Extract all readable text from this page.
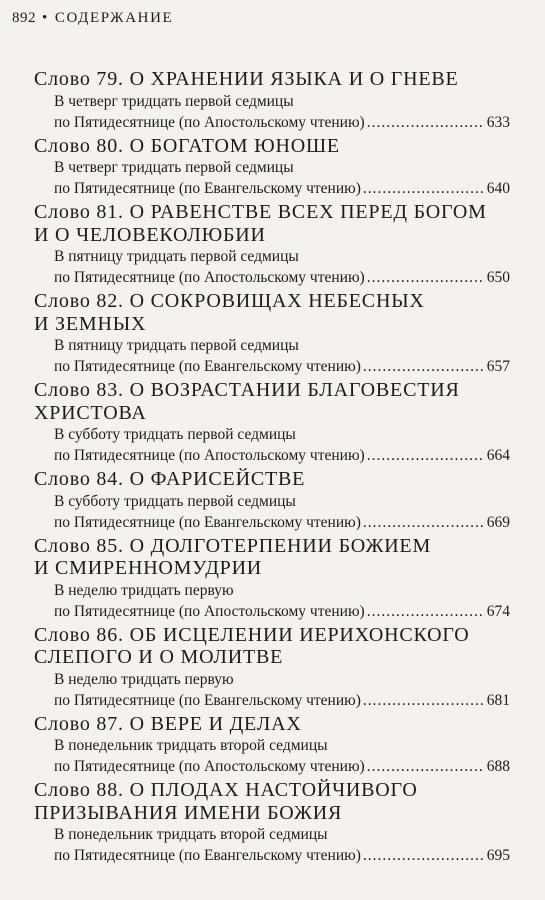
892 • СОДЕРЖАНИЕ
Слово 79. О ХРАНЕНИИ ЯЗЫКА И О ГНЕВЕ
В четверг тридцать первой седмицы
по Пятидесятнице (по Апостольскому чтению) .....	633
Слово 80. О БОГАТОМ ЮНОШЕ
В четверг тридцать первой седмицы
по Пятидесятнице (по Евангельскому чтению) .....	640
Слово 81. О РАВЕНСТВЕ ВСЕХ ПЕРЕД БОГОМ
И О ЧЕЛОВЕКОЛЮБИИ
В пятницу тридцать первой седмицы
по Пятидесятнице (по Апостольскому чтению) .....	650
Слово 82. О СОКРОВИЩАХ НЕБЕСНЫХ
И ЗЕМНЫХ
В пятницу тридцать первой седмицы
по Пятидесятнице (по Евангельскому чтению) .....	657
Слово 83. О ВОЗРАСТАНИИ БЛАГОВЕСТИЯ
ХРИСТОВА
В субботу тридцать первой седмицы
по Пятидесятнице (по Апостольскому чтению) .....	664
Слово 84. О ФАРИСЕЙСТВЕ
В субботу тридцать первой седмицы
по Пятидесятнице (по Евангельскому чтению) .....	669
Слово 85. О ДОЛГОТЕРПЕНИИ БОЖИЕМ
И СМИРЕННОМУДРИИ
В неделю тридцать первую
по Пятидесятнице (по Апостольскому чтению) .....	674
Слово 86. ОБ ИСЦЕЛЕНИИ ИЕРИХОНСКОГО
СЛЕПОГО И О МОЛИТВЕ
В неделю тридцать первую
по Пятидесятнице (по Евангельскому чтению) .....	681
Слово 87. О ВЕРЕ И ДЕЛАХ
В понедельник тридцать второй седмицы
по Пятидесятнице (по Апостольскому чтению) .....	688
Слово 88. О ПЛОДАХ НАСТОЙЧИВОГО
ПРИЗЫВАНИЯ ИМЕНИ БОЖИЯ
В понедельник тридцать второй седмицы
по Пятидесятнице (по Евангельскому чтению) .....	695
